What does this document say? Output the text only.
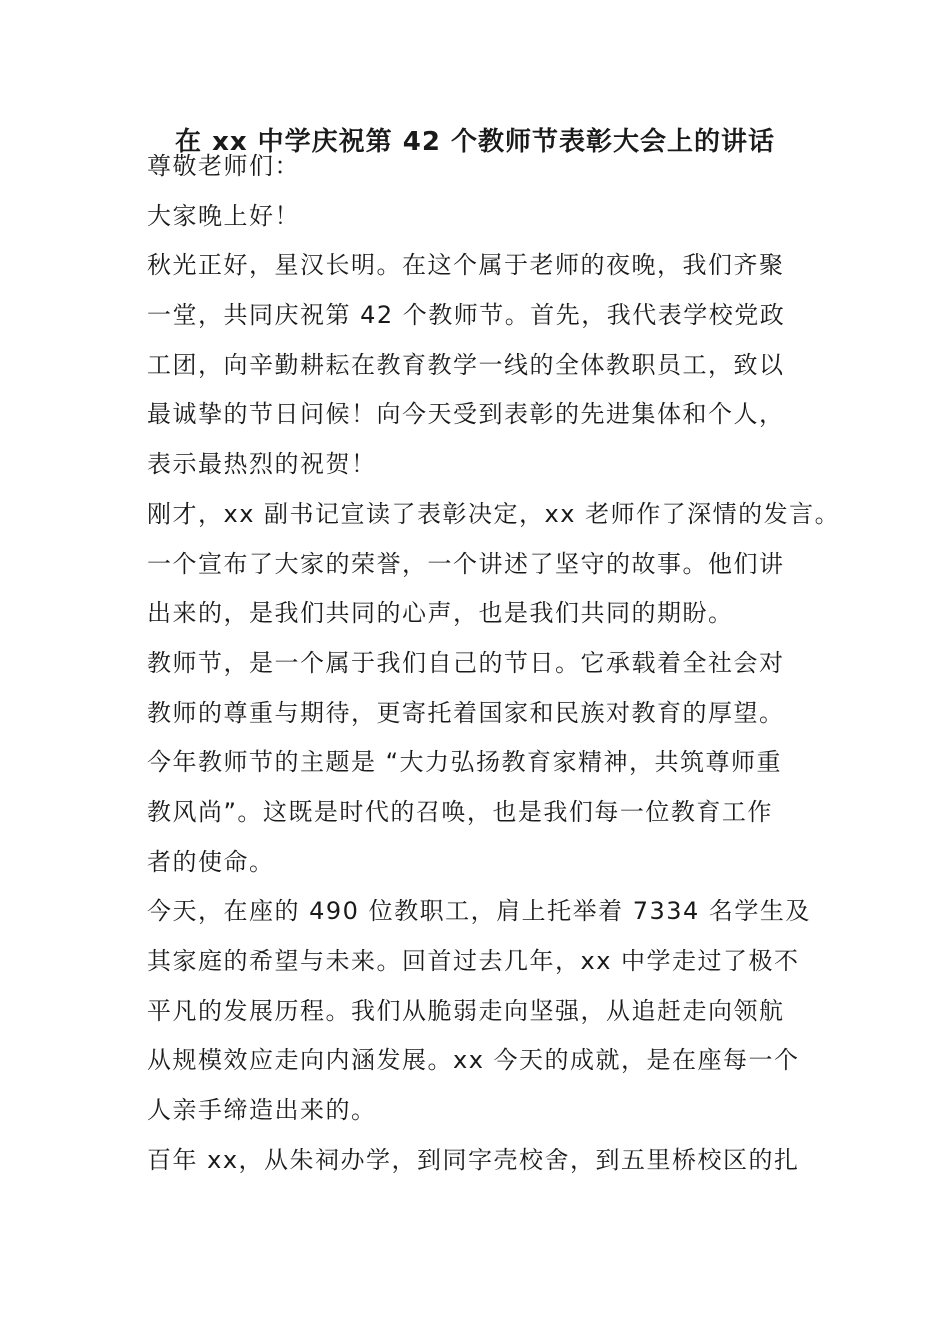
在 xx 中学庆祝第 42 个教师节表彰大会上的讲话
尊敬老师们：
大家晚上好！
秋光正好，星汉长明。在这个属于老师的夜晚，我们齐聚
一堂，共同庆祝第 42 个教师节。首先，我代表学校党政
工团，向辛勤耕耘在教育教学一线的全体教职员工，致以
最诚挚的节日问候！向今天受到表彰的先进集体和个人，
表示最热烈的祝贺！
刚才，xx 副书记宣读了表彰决定，xx 老师作了深情的发言。
一个宣布了大家的荣誉，一个讲述了坚守的故事。他们讲
出来的，是我们共同的心声，也是我们共同的期盼。
教师节，是一个属于我们自己的节日。它承载着全社会对
教师的尊重与期待，更寄托着国家和民族对教育的厚望。
今年教师节的主题是 “大力弘扬教育家精神，共筑尊师重
教风尚”。这既是时代的召唤，也是我们每一位教育工作
者的使命。
今天，在座的 490 位教职工，肩上托举着 7334 名学生及
其家庭的希望与未来。回首过去几年，xx 中学走过了极不
平凡的发展历程。我们从脆弱走向坚强，从追赶走向领航
从规模效应走向内涵发展。xx 今天的成就，是在座每一个
人亲手缔造出来的。
百年 xx，从朱祠办学，到同字壳校舍，到五里桥校区的扎
